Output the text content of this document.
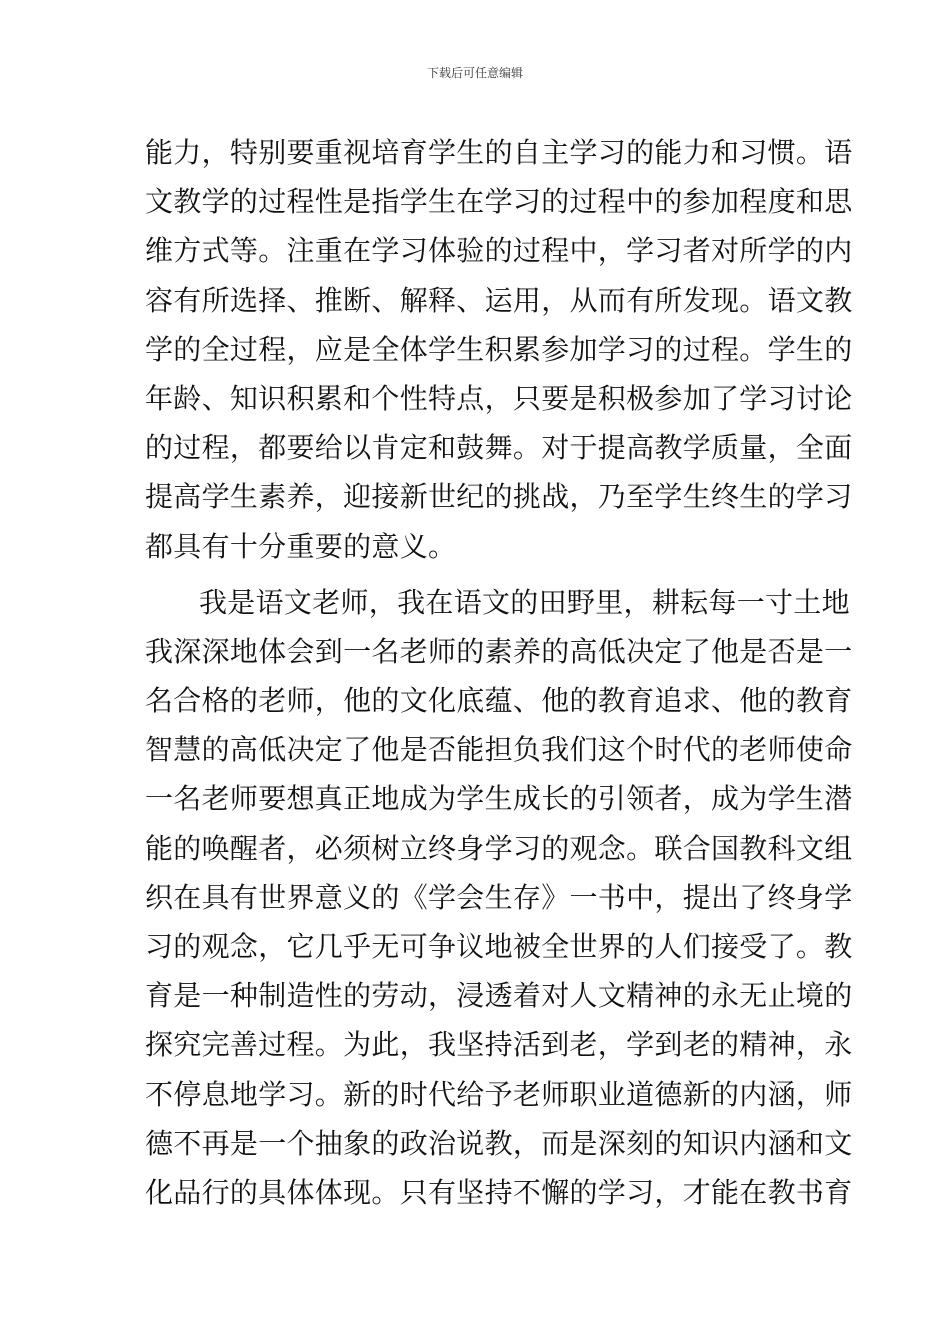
下载后可任意编辑
能力，特别要重视培育学生的自主学习的能力和习惯。语
文教学的过程性是指学生在学习的过程中的参加程度和思
维方式等。注重在学习体验的过程中，学习者对所学的内
容有所选择、推断、解释、运用，从而有所发现。语文教
学的全过程，应是全体学生积累参加学习的过程。学生的
年龄、知识积累和个性特点，只要是积极参加了学习讨论
的过程，都要给以肯定和鼓舞。对于提高教学质量，全面
提高学生素养，迎接新世纪的挑战，乃至学生终生的学习
都具有十分重要的意义。
我是语文老师，我在语文的田野里，耕耘每一寸土地
我深深地体会到一名老师的素养的高低决定了他是否是一
名合格的老师，他的文化底蕴、他的教育追求、他的教育
智慧的高低决定了他是否能担负我们这个时代的老师使命
一名老师要想真正地成为学生成长的引领者，成为学生潜
能的唤醒者，必须树立终身学习的观念。联合国教科文组
织在具有世界意义的《学会生存》一书中，提出了终身学
习的观念，它几乎无可争议地被全世界的人们接受了。教
育是一种制造性的劳动，浸透着对人文精神的永无止境的
探究完善过程。为此，我坚持活到老，学到老的精神，永
不停息地学习。新的时代给予老师职业道德新的内涵，师
德不再是一个抽象的政治说教，而是深刻的知识内涵和文
化品行的具体体现。只有坚持不懈的学习，才能在教书育
